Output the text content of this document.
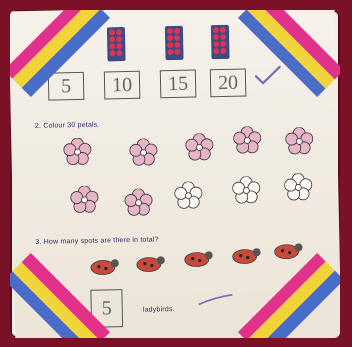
5	10	15	20
2. Colour 30 petals.
3. How many spots are there in total?
5	ladybirds.
